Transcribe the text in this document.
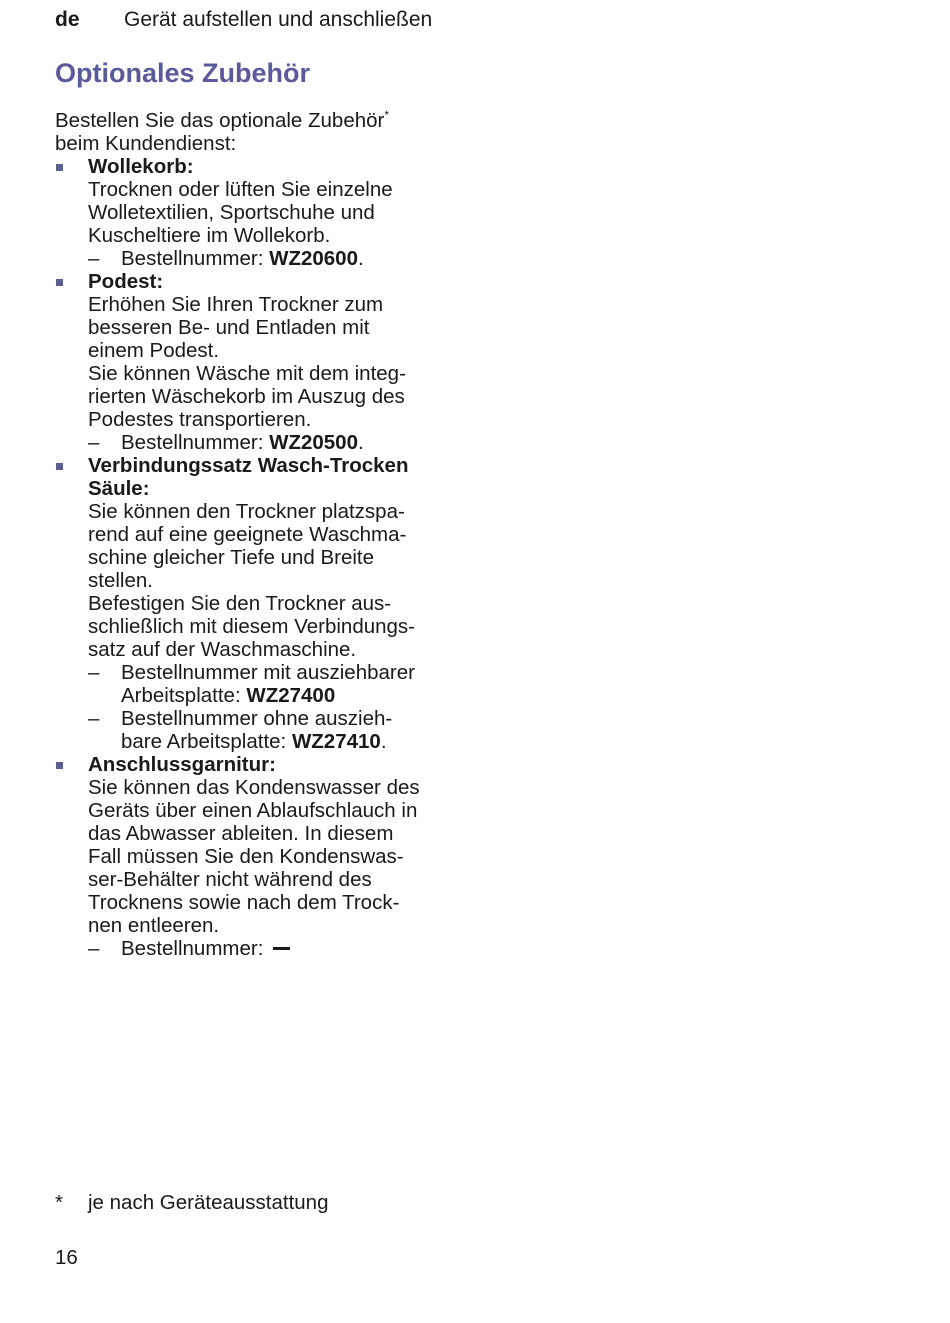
de Gerät aufstellen und anschließen
Optionales Zubehör

Bestellen Sie das optionale Zubehör*
beim Kundendienst:

Wollekorb:
Trocknen oder lüften Sie einzelne
Wolletextilien, Sportschuhe und
Kuscheltiere im Wollekorb.
– Bestellnummer: WZ20600.
Podest:
Erhöhen Sie Ihren Trockner zum
besseren Be- und Entladen mit
einem Podest.
Sie können Wäsche mit dem integ-
rierten Wäschekorb im Auszug des
Podestes transportieren.
– Bestellnummer: WZ20500.
Verbindungssatz Wasch-Trocken
Säule:
Sie können den Trockner platzspa-
rend auf eine geeignete Waschma-
schine gleicher Tiefe und Breite
stellen.
Befestigen Sie den Trockner aus-
schließlich mit diesem Verbindungs-
satz auf der Waschmaschine.
– Bestellnummer mit ausziehbarer
Arbeitsplatte: WZ27400
– Bestellnummer ohne auszieh-
bare Arbeitsplatte: WZ27410.
Anschlussgarnitur:
Sie können das Kondenswasser des
Geräts über einen Ablaufschlauch in
das Abwasser ableiten. In diesem
Fall müssen Sie den Kondenswas-
ser-Behälter nicht während des
Trocknens sowie nach dem Trock-
nen entleeren.
– Bestellnummer:
* je nach Geräteausstattung
16
